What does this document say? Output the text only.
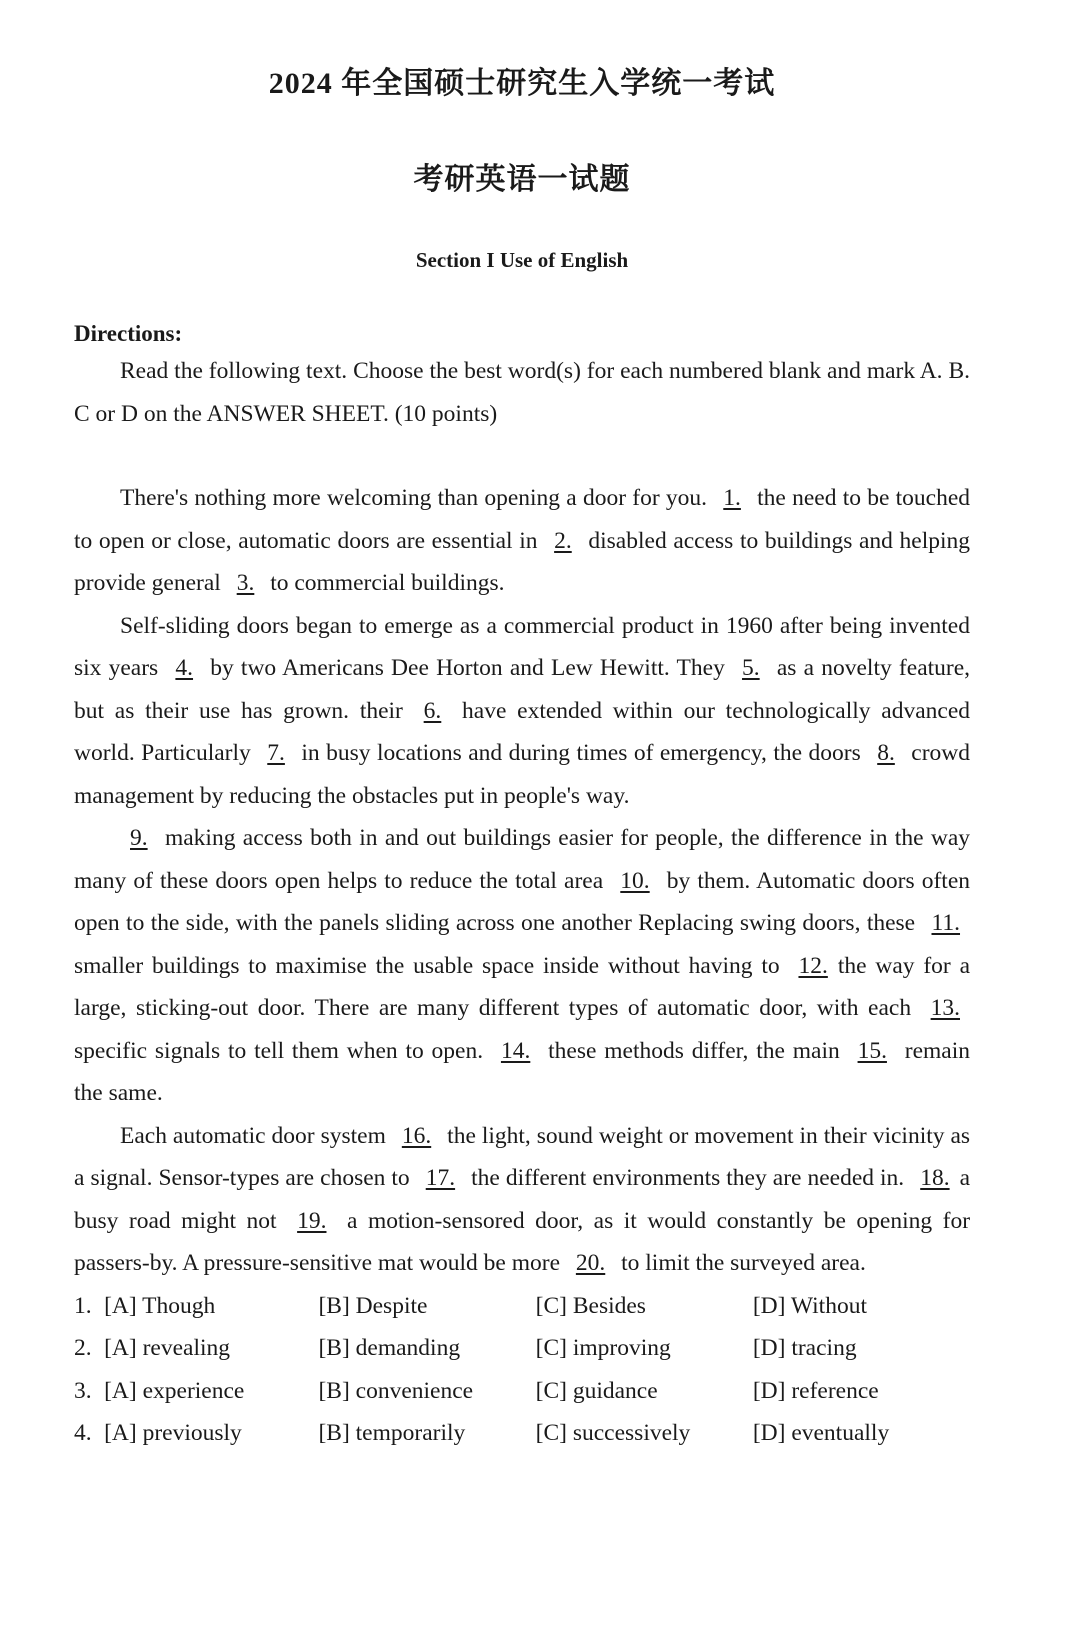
2024 年全国硕士研究生入学统一考试
考研英语一试题
Section I Use of English
Directions:

Read the following text. Choose the best word(s) for each numbered blank and mark A. B. C or D on the ANSWER SHEET. (10 points)

There's nothing more welcoming than opening a door for you. 1. the need to be touched to open or close, automatic doors are essential in 2. disabled access to buildings and helping provide general 3. to commercial buildings.

Self-sliding doors began to emerge as a commercial product in 1960 after being invented six years 4. by two Americans Dee Horton and Lew Hewitt. They 5. as a novelty feature, but as their use has grown. their 6. have extended within our technologically advanced world. Particularly 7. in busy locations and during times of emergency, the doors 8. crowd management by reducing the obstacles put in people's way.

9. making access both in and out buildings easier for people, the difference in the way many of these doors open helps to reduce the total area 10. by them. Automatic doors often open to the side, with the panels sliding across one another Replacing swing doors, these 11. smaller buildings to maximise the usable space inside without having to 12. the way for a large, sticking-out door. There are many different types of automatic door, with each 13. specific signals to tell them when to open. 14. these methods differ, the main 15. remain the same.

Each automatic door system 16. the light, sound weight or movement in their vicinity as a signal. Sensor-types are chosen to 17. the different environments they are needed in. 18. a busy road might not 19. a motion-sensored door, as it would constantly be opening for passers-by. A pressure-sensitive mat would be more 20. to limit the surveyed area.

1. [A] Though	[B] Despite	[C] Besides	[D] Without
2. [A] revealing	[B] demanding	[C] improving	[D] tracing
3. [A] experience	[B] convenience	[C] guidance	[D] reference
4. [A] previously	[B] temporarily	[C] successively	[D] eventually
